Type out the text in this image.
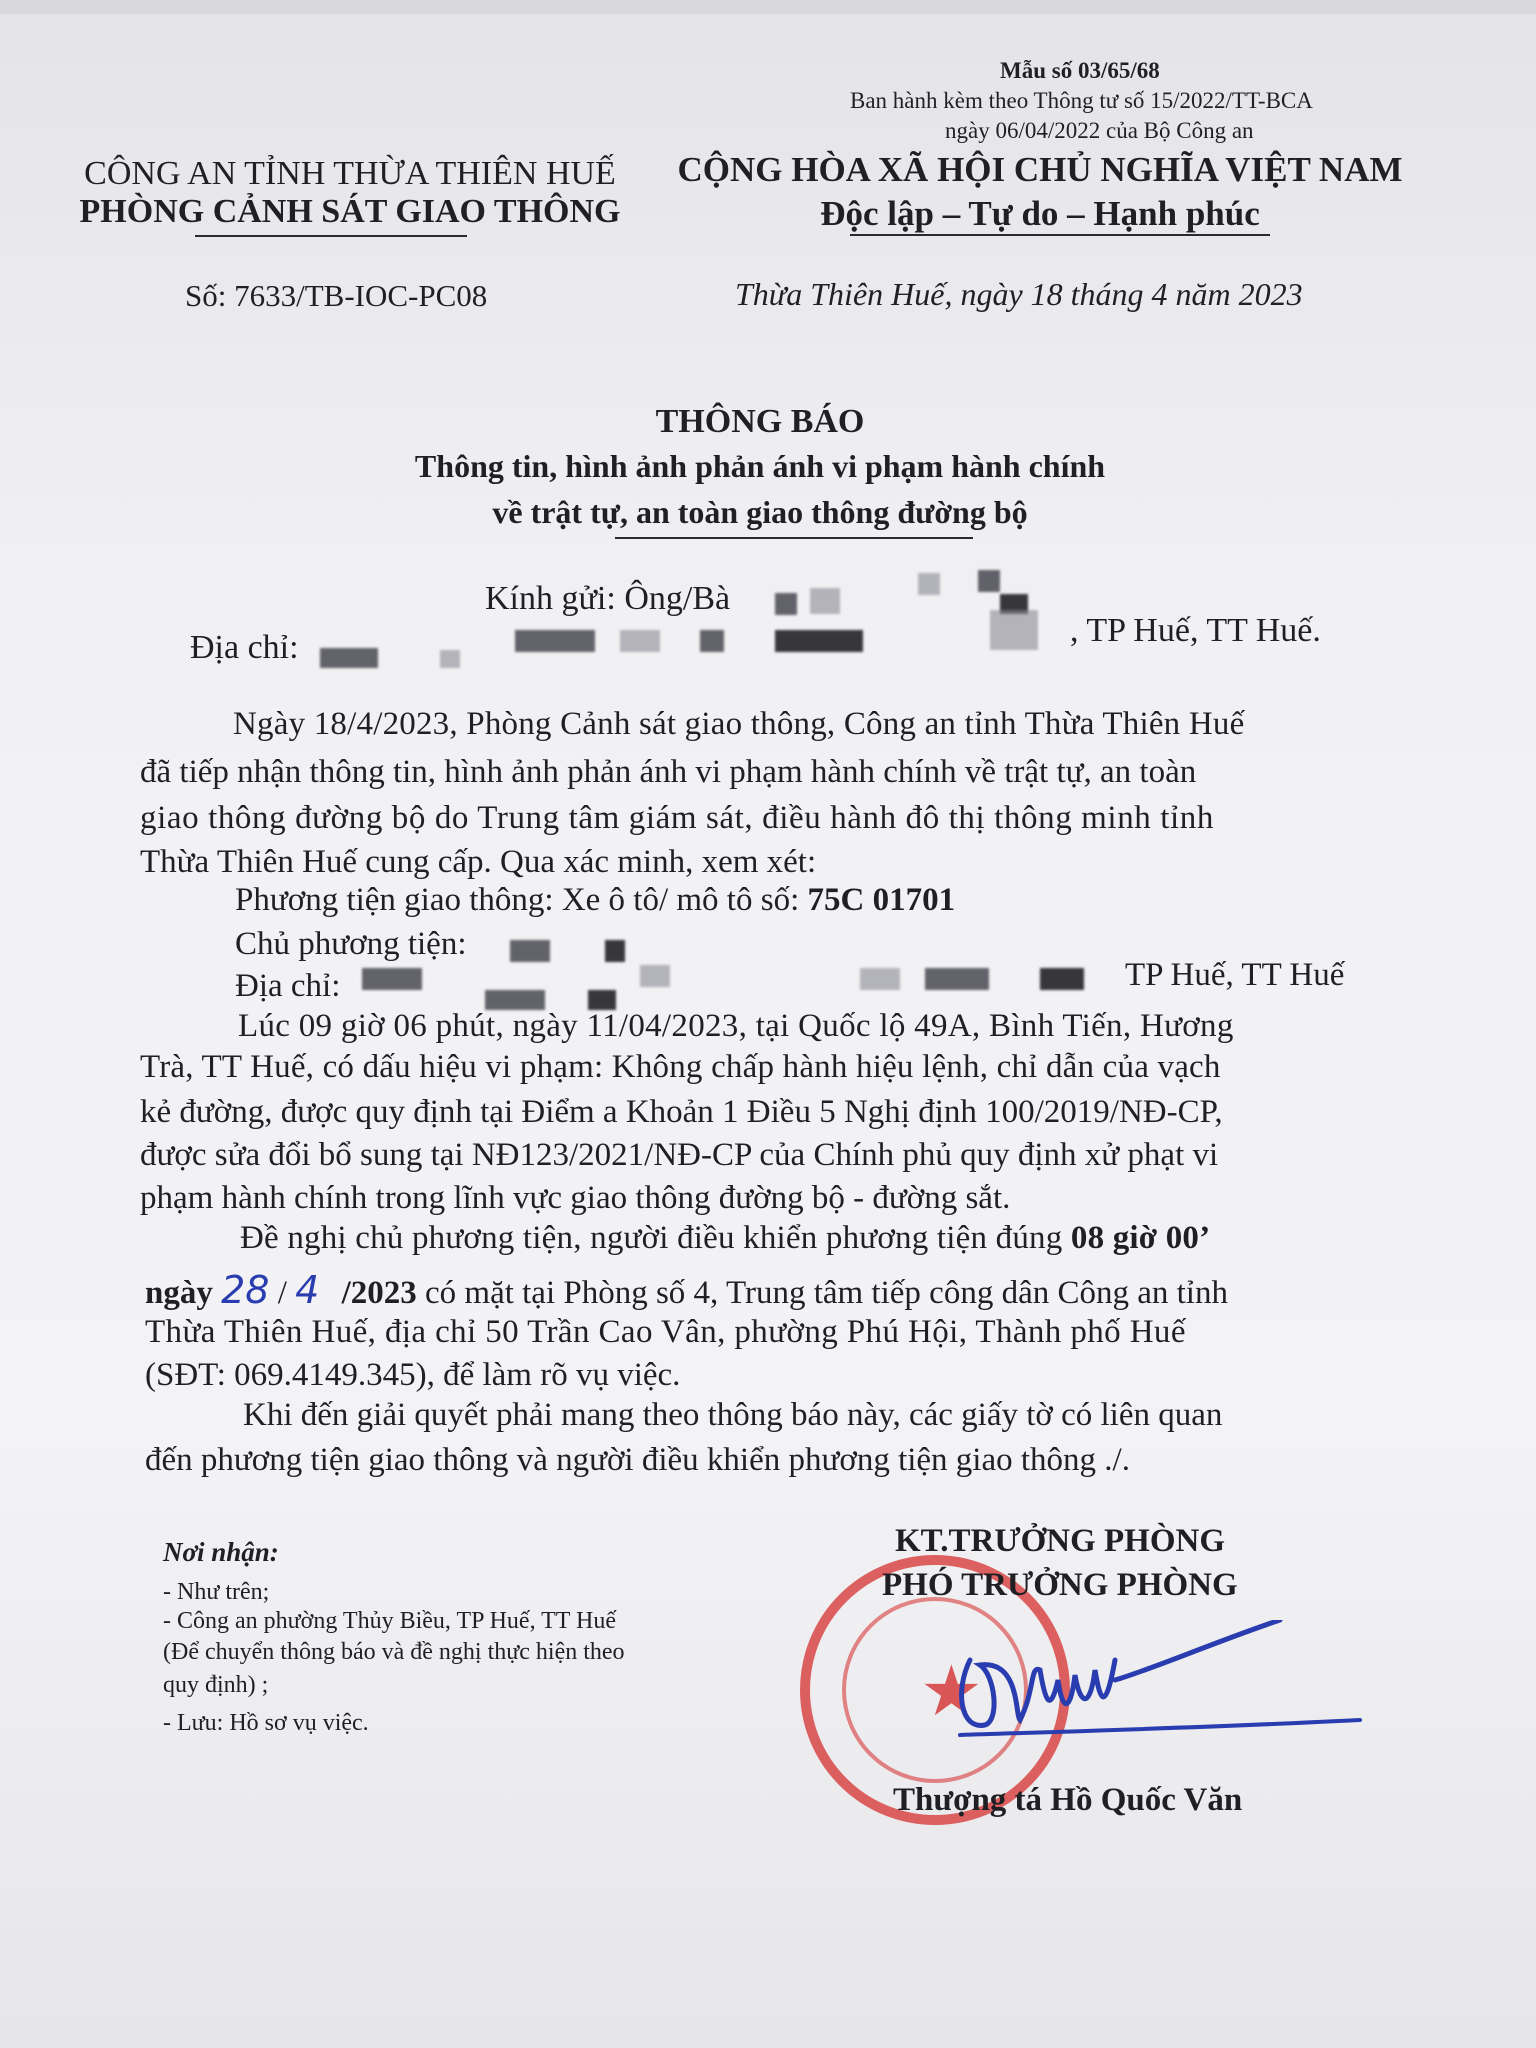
Mẫu số 03/65/68
Ban hành kèm theo Thông tư số 15/2022/TT-BCA
ngày 06/04/2022 của Bộ Công an
CÔNG AN TỈNH THỪA THIÊN HUẾ
PHÒNG CẢNH SÁT GIAO THÔNG
CỘNG HÒA XÃ HỘI CHỦ NGHĨA VIỆT NAM
Độc lập – Tự do – Hạnh phúc
Số: 7633/TB-IOC-PC08	Thừa Thiên Huế, ngày 18 tháng 4 năm 2023
THÔNG BÁO
Thông tin, hình ảnh phản ánh vi phạm hành chính
về trật tự, an toàn giao thông đường bộ
Kính gửi: Ông/Bà
Địa chỉ:	, TP Huế, TT Huế.
Ngày 18/4/2023, Phòng Cảnh sát giao thông, Công an tỉnh Thừa Thiên Huế
đã tiếp nhận thông tin, hình ảnh phản ánh vi phạm hành chính về trật tự, an toàn
giao thông đường bộ do Trung tâm giám sát, điều hành đô thị thông minh tỉnh
Thừa Thiên Huế cung cấp. Qua xác minh, xem xét:
Phương tiện giao thông: Xe ô tô/ mô tô số: 75C 01701
Chủ phương tiện:
Địa chỉ:	TP Huế, TT Huế
Lúc 09 giờ 06 phút, ngày 11/04/2023, tại Quốc lộ 49A, Bình Tiến, Hương
Trà, TT Huế, có dấu hiệu vi phạm: Không chấp hành hiệu lệnh, chỉ dẫn của vạch
kẻ đường, được quy định tại Điểm a Khoản 1 Điều 5 Nghị định 100/2019/NĐ-CP,
được sửa đổi bổ sung tại NĐ123/2021/NĐ-CP của Chính phủ quy định xử phạt vi
phạm hành chính trong lĩnh vực giao thông đường bộ - đường sắt.
Đề nghị chủ phương tiện, người điều khiển phương tiện đúng 08 giờ 00’
ngày 28 / 4 /2023 có mặt tại Phòng số 4, Trung tâm tiếp công dân Công an tỉnh
Thừa Thiên Huế, địa chỉ 50 Trần Cao Vân, phường Phú Hội, Thành phố Huế
(SĐT: 069.4149.345), để làm rõ vụ việc.
Khi đến giải quyết phải mang theo thông báo này, các giấy tờ có liên quan
đến phương tiện giao thông và người điều khiển phương tiện giao thông ./.
Nơi nhận:
- Như trên;
- Công an phường Thủy Biều, TP Huế, TT Huế
(Để chuyển thông báo và đề nghị thực hiện theo
quy định) ;
- Lưu: Hồ sơ vụ việc.
KT.TRƯỞNG PHÒNG
★
PHÓ TRƯỞNG PHÒNG
Thượng tá Hồ Quốc Văn
